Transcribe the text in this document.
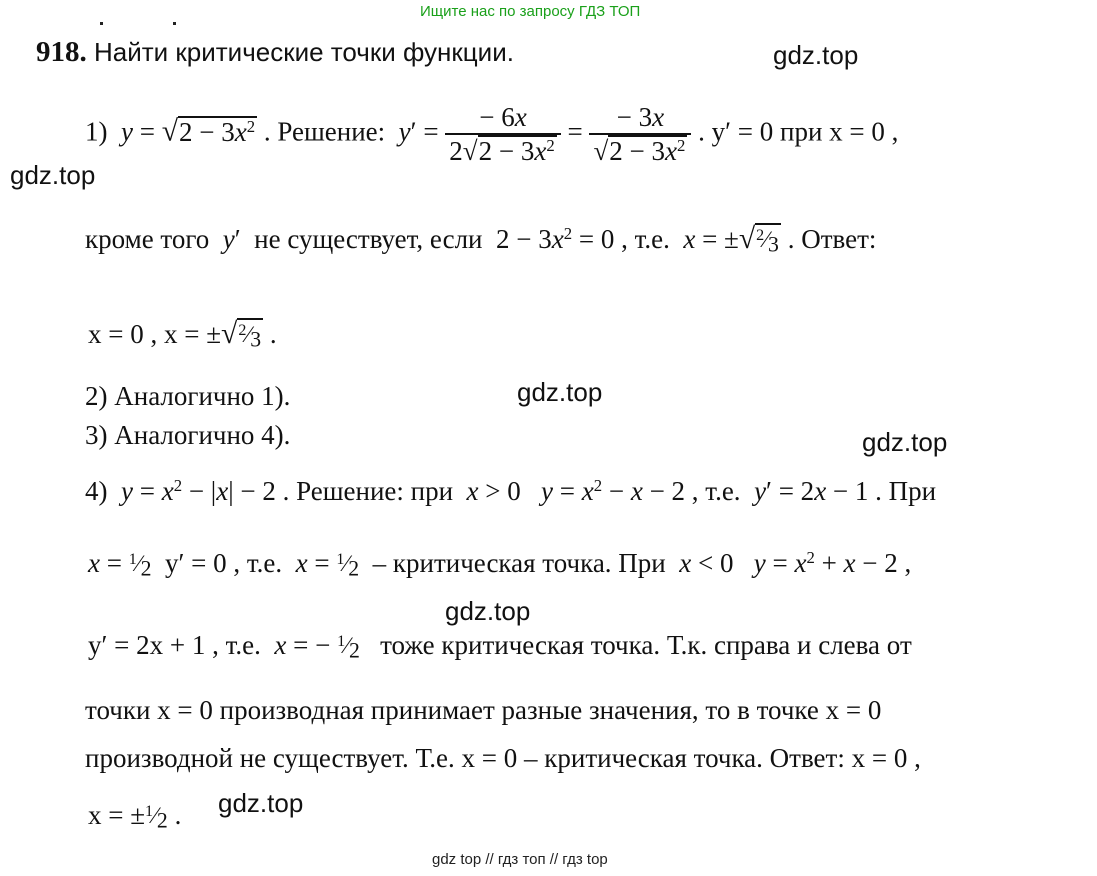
Ищите нас по запросу ГДЗ ТОП
918. Найти критические точки функции.	gdz.top
gdz.top
gdz.top
gdz.top
gdz.top
gdz.top
1) $y = √2 - 3x^2$ . Решение: $y' = \frac{- 6x}{2√2 - 3x^2} = \frac{- 3x}{√2 - 3x^2}$ . y′ = 0 при x = 0 ,
кроме того y′  не существует, если  $2 - 3x^2 = 0$ , т.е. x = ±√$^2$⁄3 . Ответ:
x = 0 , x = ±√$^2$⁄3 .
2) Аналогично 1).
3) Аналогично 4).
4) $y = x^2 - |x| - 2$ . Решение: при x > 0   $y = x^2 - x - 2$ , т.е. y′ = 2x − 1 . При
x = $^1$⁄2 y′ = 0 , т.е. x = $^1$⁄2 – критическая точка. При x < 0   $y = x^2 + x - 2$ ,
y′ = 2x + 1 , т.е. x = − $^1$⁄2 тоже критическая точка. Т.к. справа и слева от
точки x = 0 производная принимает разные значения, то в точке x = 0
производной не существует. Т.е. x = 0 – критическая точка. Ответ: x = 0 ,
x = ±$^1$⁄2 .
gdz top // гдз топ // гдз top
